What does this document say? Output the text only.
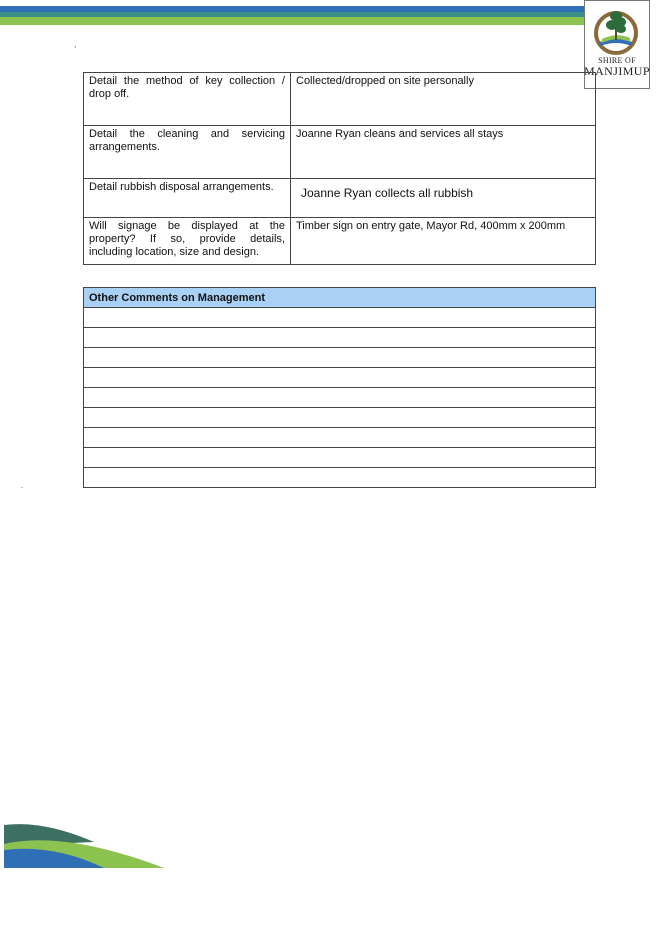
SHIRE OF
MANJIMUP
,
.
Detail the method of key collection / drop off.	Collected/dropped on site personally
Detail the cleaning and servicing arrangements.	Joanne Ryan cleans and services all stays
Detail rubbish disposal arrangements.	Joanne Ryan collects all rubbish
Will signage be displayed at the property? If so, provide details, including location, size and design.	Timber sign on entry gate, Mayor Rd, 400mm x 200mm
Other Comments on Management
